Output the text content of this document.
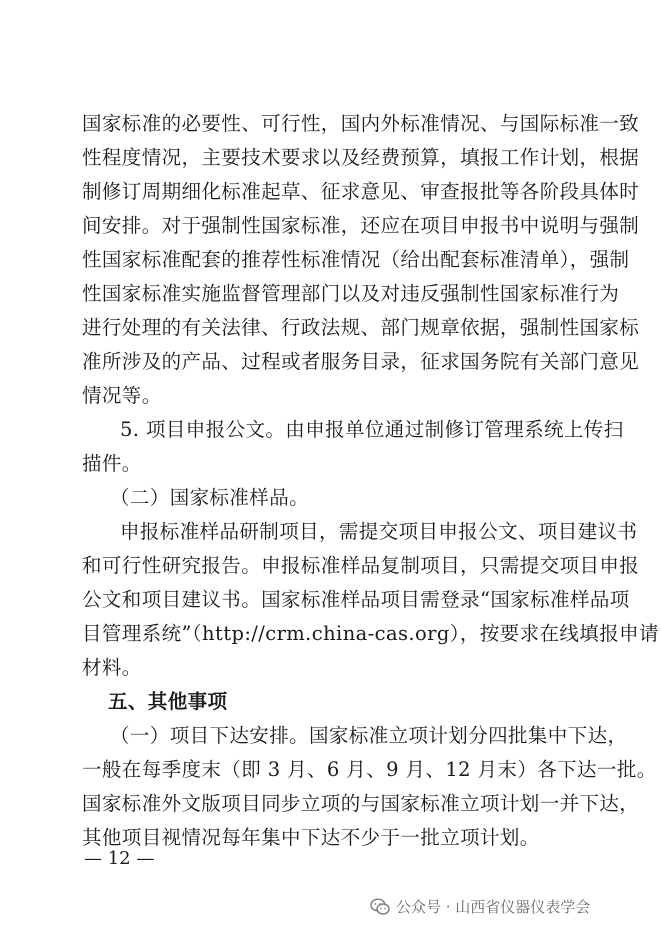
国家标准的必要性、可行性，国内外标准情况、与国际标准一致
性程度情况，主要技术要求以及经费预算，填报工作计划，根据
制修订周期细化标准起草、征求意见、审查报批等各阶段具体时
间安排。对于强制性国家标准，还应在项目申报书中说明与强制
性国家标准配套的推荐性标准情况（给出配套标准清单），强制
性国家标准实施监督管理部门以及对违反强制性国家标准行为
进行处理的有关法律、行政法规、部门规章依据，强制性国家标
准所涉及的产品、过程或者服务目录，征求国务院有关部门意见
情况等。
5. 项目申报公文。由申报单位通过制修订管理系统上传扫
描件。
（二）国家标准样品。
申报标准样品研制项目，需提交项目申报公文、项目建议书
和可行性研究报告。申报标准样品复制项目，只需提交项目申报
公文和项目建议书。国家标准样品项目需登录“国家标准样品项
目管理系统”（http://crm.china-cas.org），按要求在线填报申请
材料。
五、其他事项
（一）项目下达安排。国家标准立项计划分四批集中下达，
一般在每季度末（即 3 月、6 月、9 月、12 月末）各下达一批。
国家标准外文版项目同步立项的与国家标准立项计划一并下达，
其他项目视情况每年集中下达不少于一批立项计划。
— 12 —
公众号 · 山西省仪器仪表学会
